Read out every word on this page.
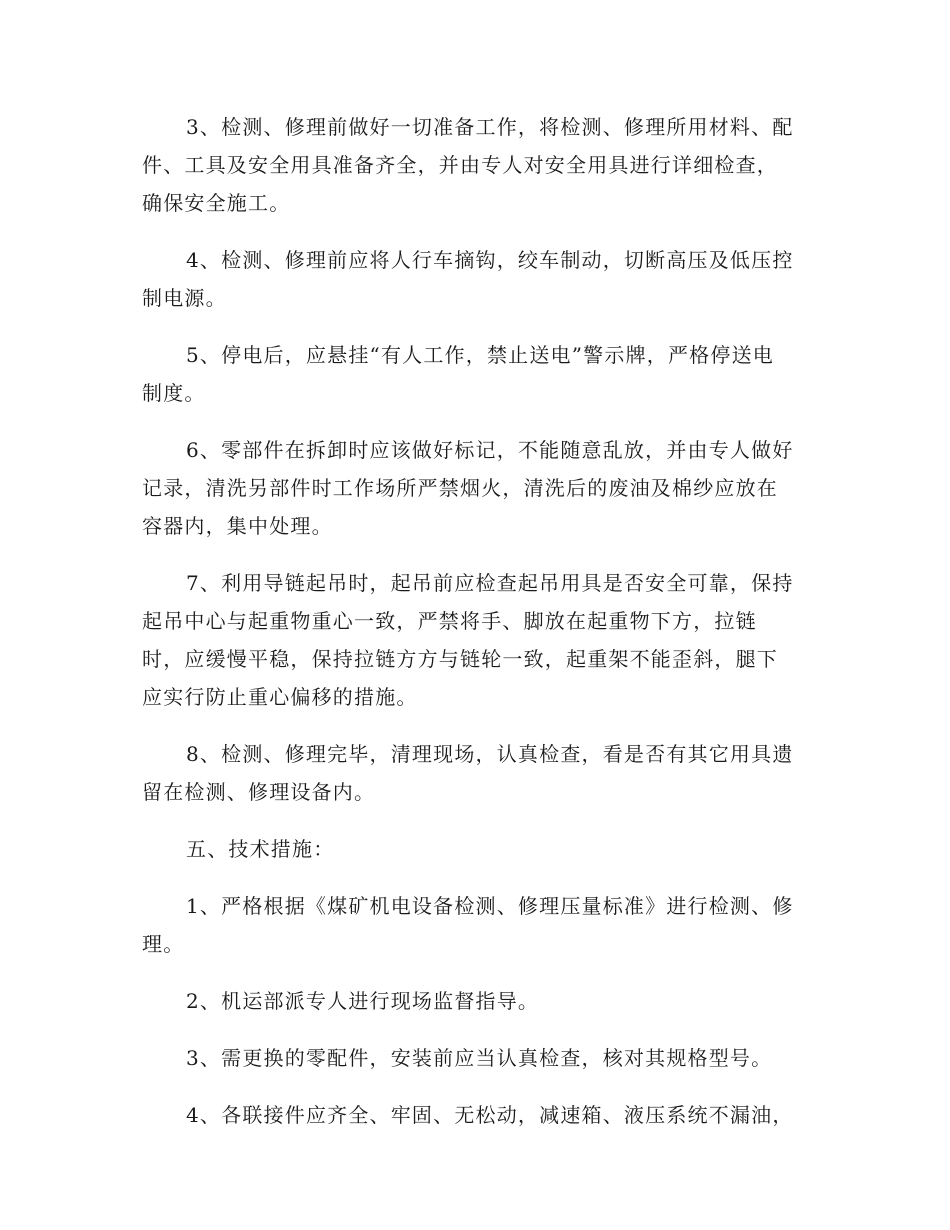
3、检测、修理前做好一切准备工作，将检测、修理所用材料、配
件、工具及安全用具准备齐全，并由专人对安全用具进行详细检查，
确保安全施工。

4、检测、修理前应将人行车摘钩，绞车制动，切断高压及低压控
制电源。

5、停电后，应悬挂“有人工作，禁止送电”警示牌，严格停送电
制度。

6、零部件在拆卸时应该做好标记，不能随意乱放，并由专人做好
记录，清洗另部件时工作场所严禁烟火，清洗后的废油及棉纱应放在
容器内，集中处理。

7、利用导链起吊时，起吊前应检查起吊用具是否安全可靠，保持
起吊中心与起重物重心一致，严禁将手、脚放在起重物下方，拉链
时，应缓慢平稳，保持拉链方方与链轮一致，起重架不能歪斜，腿下
应实行防止重心偏移的措施。

8、检测、修理完毕，清理现场，认真检查，看是否有其它用具遗
留在检测、修理设备内。

五、技术措施：

1、严格根据《煤矿机电设备检测、修理压量标准》进行检测、修
理。

2、机运部派专人进行现场监督指导。

3、需更换的零配件，安装前应当认真检查，核对其规格型号。

4、各联接件应齐全、牢固、无松动，减速箱、液压系统不漏油，
